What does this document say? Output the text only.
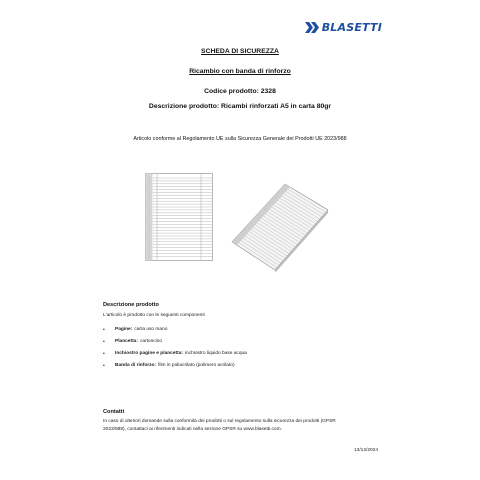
BLASETTI
SCHEDA DI SICUREZZA
Ricambio con banda di rinforzo
Codice prodotto: 2328
Descrizione prodotto: Ricambi rinforzati A5 in carta 80gr
Articolo conforme al Regolamento UE sulla Sicurezza Generale dei Prodotti UE 2023/988
Descrizione prodotto
L'articolo è prodotto con le seguenti componenti
•	Pagine: carta uso mano
•	Plancetta: cartoncino
•	Inchiostro pagine e plancetta: inchiostro liquido base acqua
•	Banda di rinforzo: film in poliacrilato (polimero acrilato)
Contatti
In caso di ulteriori domande sulla conformità dei prodotti o sul regolamento sulla sicurezza dei prodotti (GPSR
2023/988), contattaci ai riferimenti indicati nella sezione GPSR su www.blasetti.com.
13/12/2024
